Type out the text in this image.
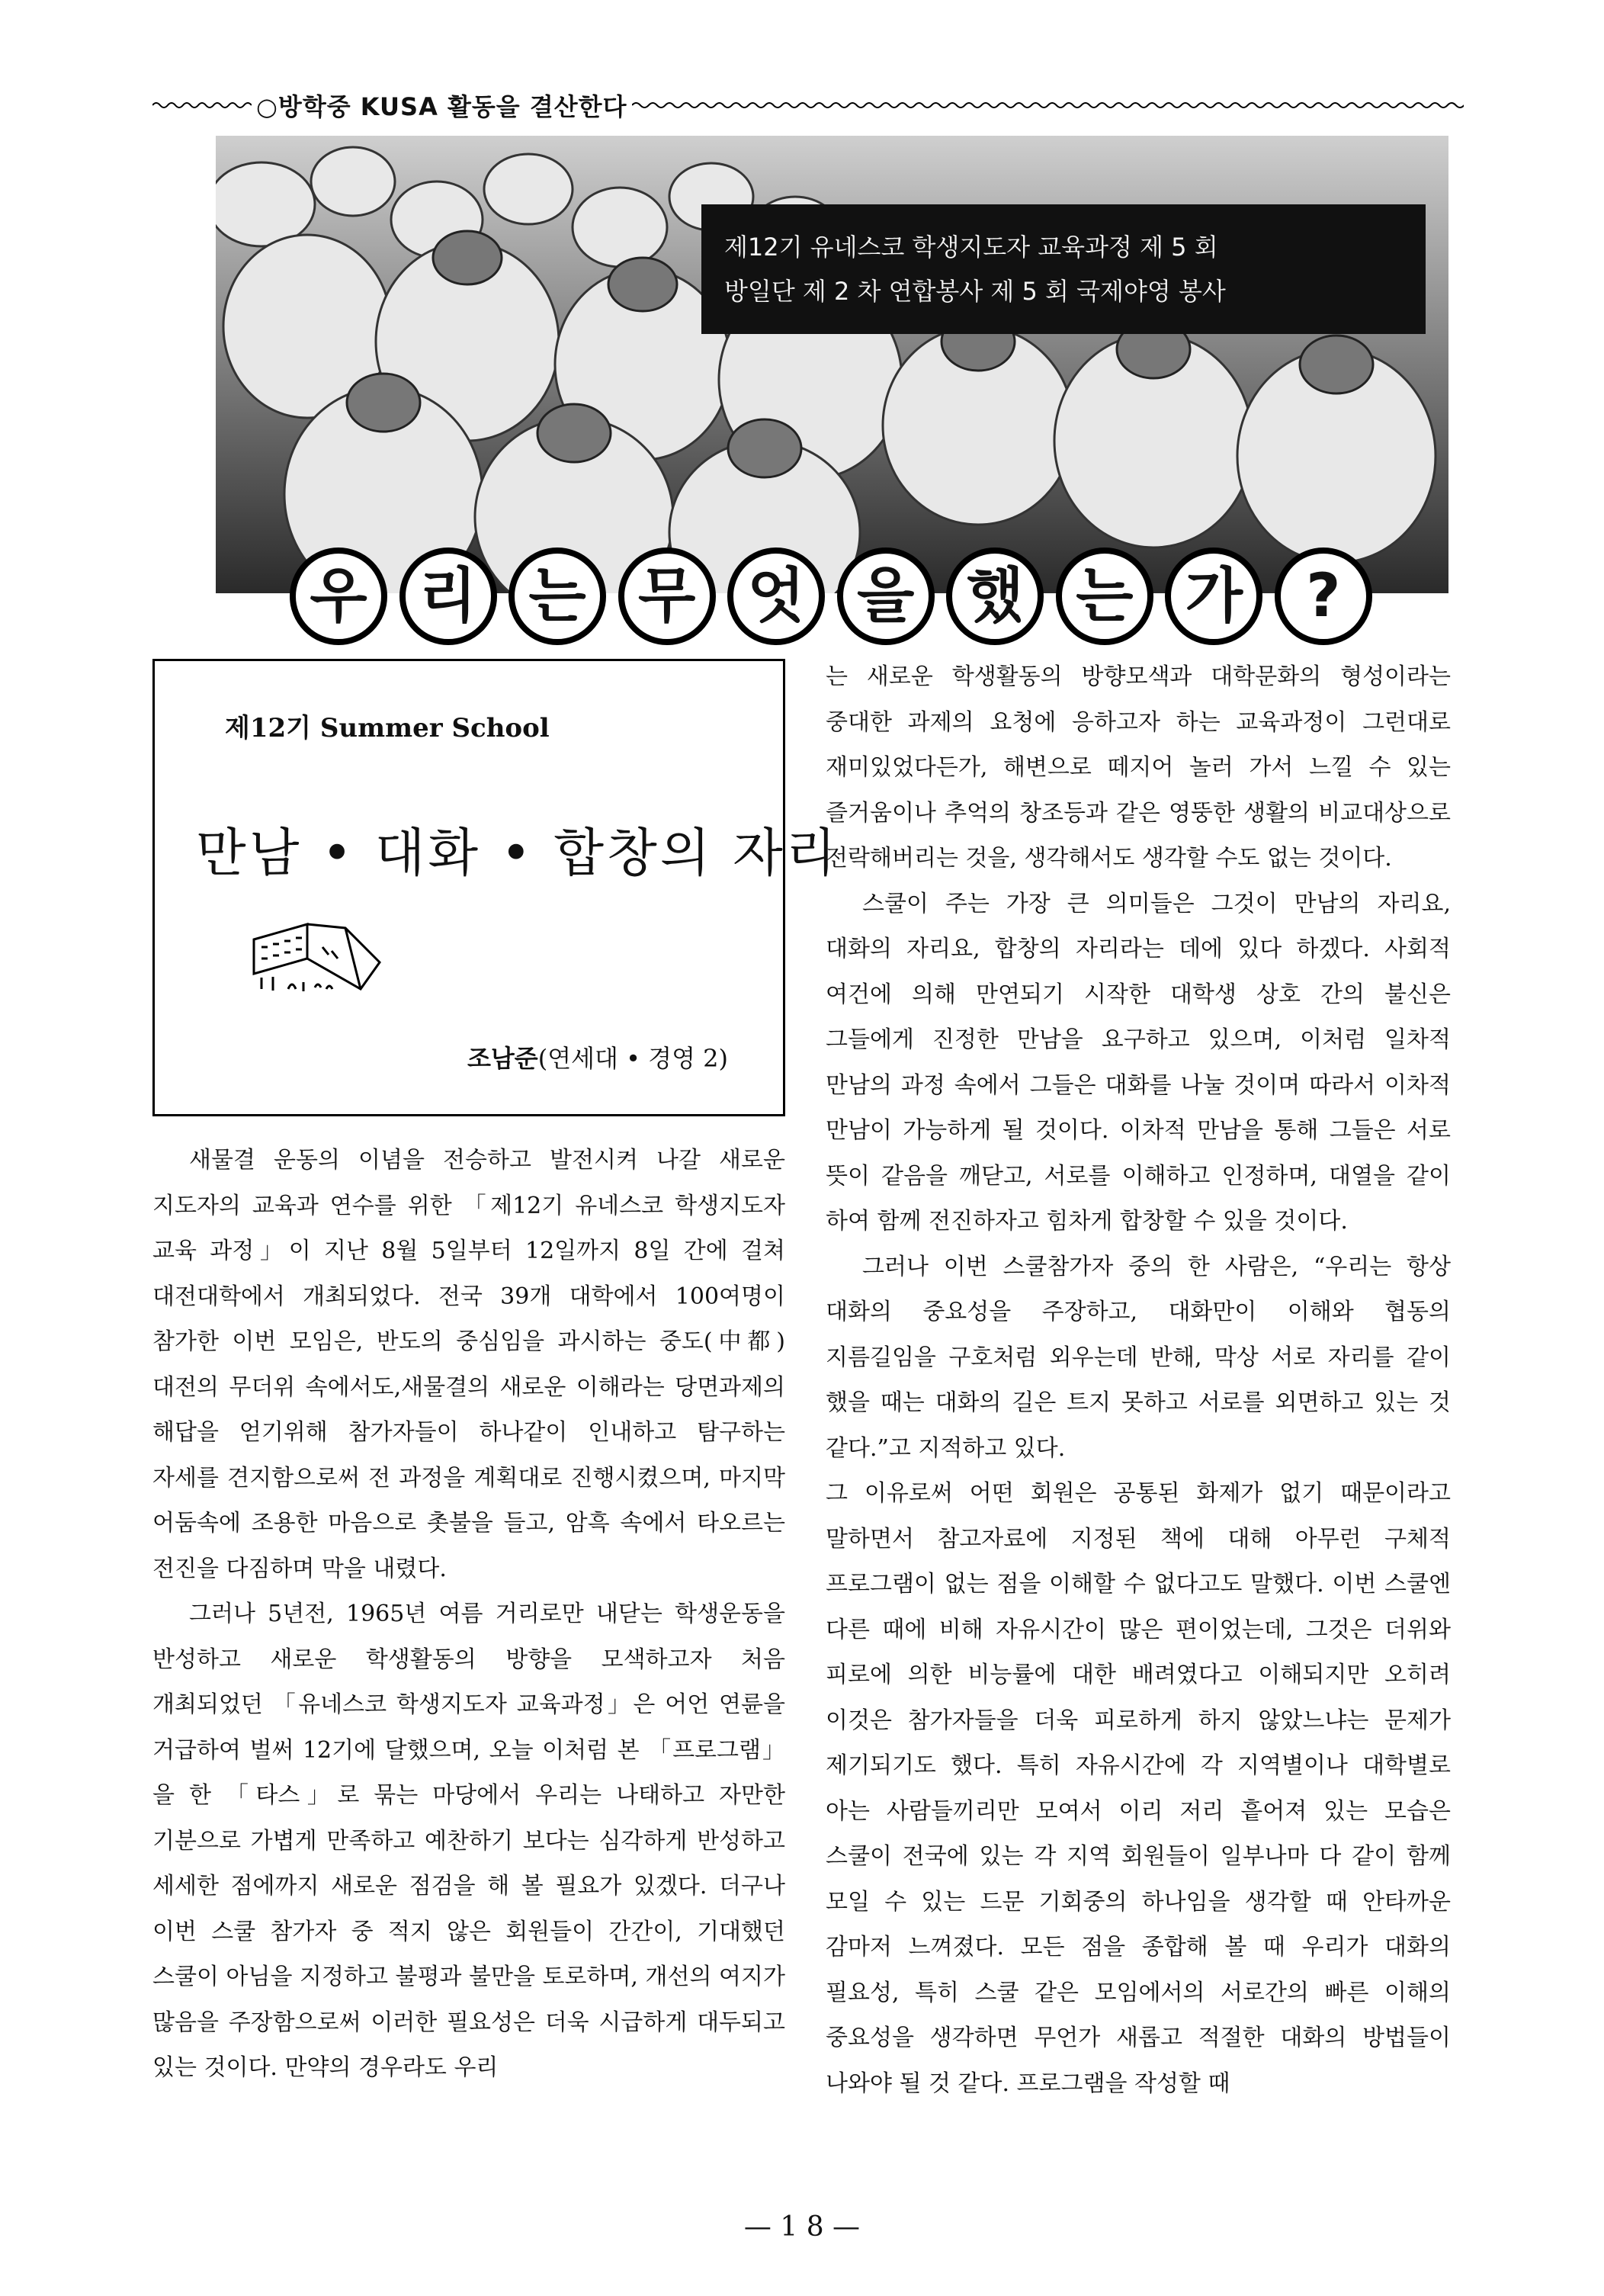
○방학중 KUSA 활동을 결산한다
제12기 유네스코 학생지도자 교육과정 제 5 회
방일단 제 2 차 연합봉사 제 5 회 국제야영 봉사
우 리 는 무 엇 을 했 는 가	?
제12기 Summer School
만남 • 대화 • 합창의 자리
조남준(연세대 • 경영 2)

새물결 운동의 이념을 전승하고 발전시켜 나갈 새로운 지도자의 교육과 연수를 위한 「제12기 유네스코 학생지도자 교육 과정」이 지난 8월 5일부터 12일까지 8일 간에 걸쳐 대전대학에서 개최되었다. 전국 39개 대학에서 100여명이 참가한 이번 모임은, 반도의 중심임을 과시하는 중도(中都) 대전의 무더위 속에서도,새물결의 새로운 이해라는 당면과제의 해답을 얻기위해 참가자들이 하나같이 인내하고 탐구하는 자세를 견지함으로써 전 과정을 계획대로 진행시켰으며, 마지막 어둠속에 조용한 마음으로 촛불을 들고, 암흑 속에서 타오르는 전진을 다짐하며 막을 내렸다.

그러나 5년전, 1965년 여름 거리로만 내닫는 학생운동을 반성하고 새로운 학생활동의 방향을 모색하고자 처음 개최되었던 「유네스코 학생지도자 교육과정」은 어언 연륜을 거급하여 벌써 12기에 달했으며, 오늘 이처럼 본 「프로그램」을 한 「타스」로 묶는 마당에서 우리는 나태하고 자만한 기분으로 가볍게 만족하고 예찬하기 보다는 심각하게 반성하고 세세한 점에까지 새로운 점검을 해 볼 필요가 있겠다. 더구나 이번 스쿨 참가자 중 적지 않은 회원들이 간간이, 기대했던 스쿨이 아님을 지정하고 불평과 불만을 토로하며, 개선의 여지가 많음을 주장함으로써 이러한 필요성은 더욱 시급하게 대두되고 있는 것이다. 만약의 경우라도 우리

는 새로운 학생활동의 방향모색과 대학문화의 형성이라는 중대한 과제의 요청에 응하고자 하는 교육과정이 그런대로 재미있었다든가, 해변으로 떼지어 놀러 가서 느낄 수 있는 즐거움이나 추억의 창조등과 같은 영뚱한 생활의 비교대상으로 전락해버리는 것을, 생각해서도 생각할 수도 없는 것이다.

스쿨이 주는 가장 큰 의미들은 그것이 만남의 자리요, 대화의 자리요, 합창의 자리라는 데에 있다 하겠다. 사회적 여건에 의해 만연되기 시작한 대학생 상호 간의 불신은 그들에게 진정한 만남을 요구하고 있으며, 이처럼 일차적 만남의 과정 속에서 그들은 대화를 나눌 것이며 따라서 이차적 만남이 가능하게 될 것이다. 이차적 만남을 통해 그들은 서로 뜻이 같음을 깨닫고, 서로를 이해하고 인정하며, 대열을 같이 하여 함께 전진하자고 힘차게 합창할 수 있을 것이다.

그러나 이번 스쿨참가자 중의 한 사람은, “우리는 항상 대화의 중요성을 주장하고, 대화만이 이해와 협동의 지름길임을 구호처럼 외우는데 반해, 막상 서로 자리를 같이 했을 때는 대화의 길은 트지 못하고 서로를 외면하고 있는 것 같다.”고 지적하고 있다.

그 이유로써 어떤 회원은 공통된 화제가 없기 때문이라고 말하면서 참고자료에 지정된 책에 대해 아무런 구체적 프로그램이 없는 점을 이해할 수 없다고도 말했다. 이번 스쿨엔 다른 때에 비해 자유시간이 많은 편이었는데, 그것은 더위와 피로에 의한 비능률에 대한 배려였다고 이해되지만 오히려 이것은 참가자들을 더욱 피로하게 하지 않았느냐는 문제가 제기되기도 했다. 특히 자유시간에 각 지역별이나 대학별로 아는 사람들끼리만 모여서 이리 저리 흩어져 있는 모습은 스쿨이 전국에 있는 각 지역 회원들이 일부나마 다 같이 함께 모일 수 있는 드문 기회중의 하나임을 생각할 때 안타까운 감마저 느껴졌다. 모든 점을 종합해 볼 때 우리가 대화의 필요성, 특히 스쿨 같은 모임에서의 서로간의 빠른 이해의 중요성을 생각하면 무언가 새롭고 적절한 대화의 방법들이 나와야 될 것 같다. 프로그램을 작성할 때

— 1 8 —
